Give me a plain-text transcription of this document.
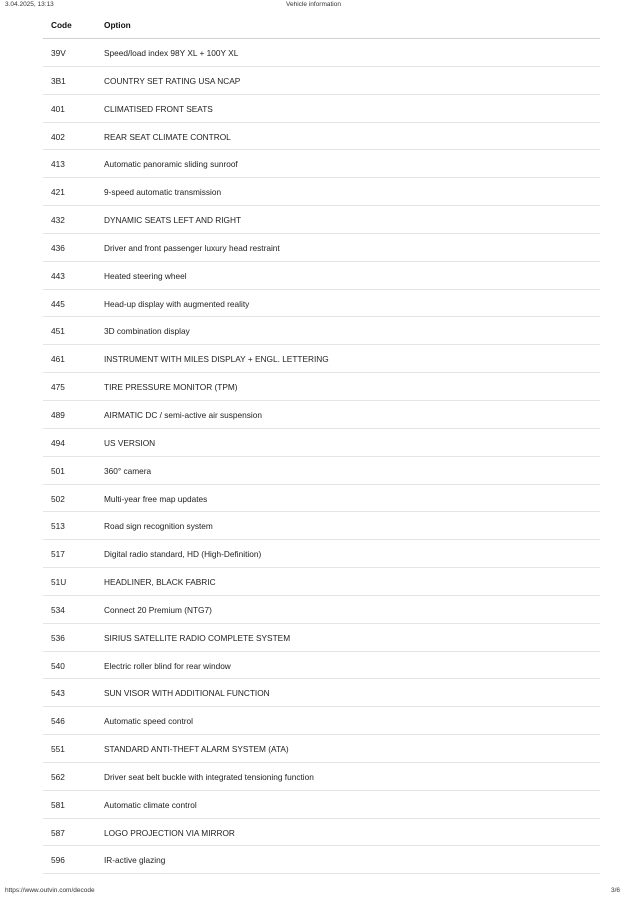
3.04.2025, 13:13	Vehicle information
Code	Option
39V	Speed/load index 98Y XL + 100Y XL
3B1	COUNTRY SET RATING USA NCAP
401	CLIMATISED FRONT SEATS
402	REAR SEAT CLIMATE CONTROL
413	Automatic panoramic sliding sunroof
421	9-speed automatic transmission
432	DYNAMIC SEATS LEFT AND RIGHT
436	Driver and front passenger luxury head restraint
443	Heated steering wheel
445	Head-up display with augmented reality
451	3D combination display
461	INSTRUMENT WITH MILES DISPLAY + ENGL. LETTERING
475	TIRE PRESSURE MONITOR (TPM)
489	AIRMATIC DC / semi-active air suspension
494	US VERSION
501	360° camera
502	Multi-year free map updates
513	Road sign recognition system
517	Digital radio standard, HD (High-Definition)
51U	HEADLINER, BLACK FABRIC
534	Connect 20 Premium (NTG7)
536	SIRIUS SATELLITE RADIO COMPLETE SYSTEM
540	Electric roller blind for rear window
543	SUN VISOR WITH ADDITIONAL FUNCTION
546	Automatic speed control
551	STANDARD ANTI-THEFT ALARM SYSTEM (ATA)
562	Driver seat belt buckle with integrated tensioning function
581	Automatic climate control
587	LOGO PROJECTION VIA MIRROR
596	IR-active glazing
https://www.outvin.com/decode	3/6
